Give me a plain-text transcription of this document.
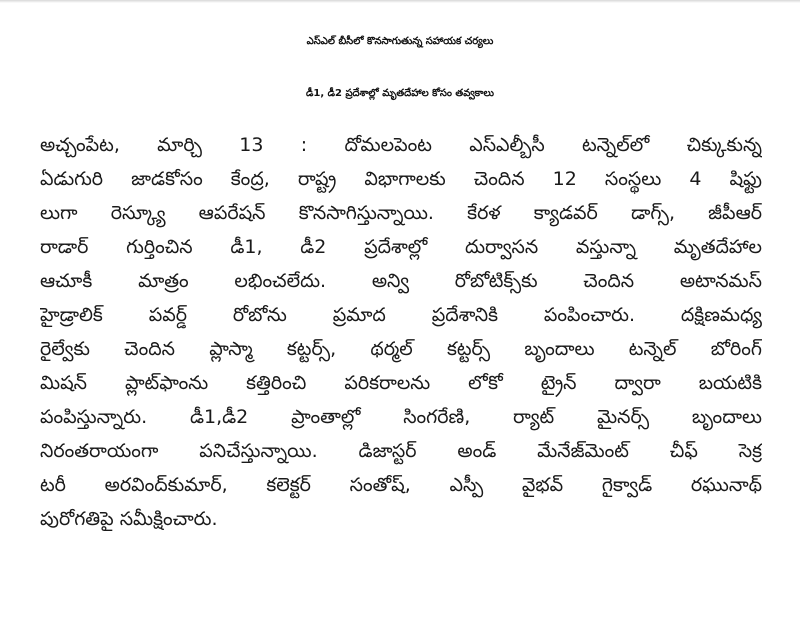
ఎస్ఎల్ బీసీలో కొనసాగుతున్న సహాయక చర్యలు
డీ1, డీ2 ప్రదేశాల్లో మృతదేహాల కోసం తవ్వకాలు
అచ్చంపేట, మార్చి 13 : దోమలపెంట ఎస్ఎల్బీసీ టన్నెల్‌లో చిక్కుకున్న
ఏడుగురి జాడకోసం కేంద్ర, రాష్ట్ర విభాగాలకు చెందిన 12 సంస్థలు 4 షిఫ్టు
లుగా రెస్క్యూ ఆపరేషన్ కొనసాగిస్తున్నాయి. కేరళ క్యాడవర్ డాగ్స్, జీపీఆర్
రాడార్ గుర్తించిన డీ1, డీ2 ప్రదేశాల్లో దుర్వాసన వస్తున్నా మృతదేహాల
ఆచూకీ మాత్రం లభించలేదు. అన్వి రోబోటిక్స్‌కు చెందిన అటానమస్
హైడ్రాలిక్ పవర్డ్ రోబోను ప్రమాద ప్రదేశానికి పంపించారు. దక్షిణమధ్య
రైల్వేకు చెందిన ప్లాస్మా కట్టర్స్, థర్మల్ కట్టర్స్ బృందాలు టన్నెల్ బోరింగ్
మిషన్ ప్లాట్‌ఫాంను కత్తిరించి పరికరాలను లోకో ట్రైన్ ద్వారా బయటికి
పంపిస్తున్నారు. డీ1,డీ2 ప్రాంతాల్లో సింగరేణి, ర్యాట్ మైనర్స్ బృందాలు
నిరంతరాయంగా పనిచేస్తున్నాయి. డిజాస్టర్ అండ్ మేనేజ్‌మెంట్ చీఫ్ సెక్ర
టరీ అరవింద్‌కుమార్, కలెక్టర్ సంతోష్, ఎస్పీ వైభవ్ గైక్వాడ్ రఘునాథ్
పురోగతిపై సమీక్షించారు.
